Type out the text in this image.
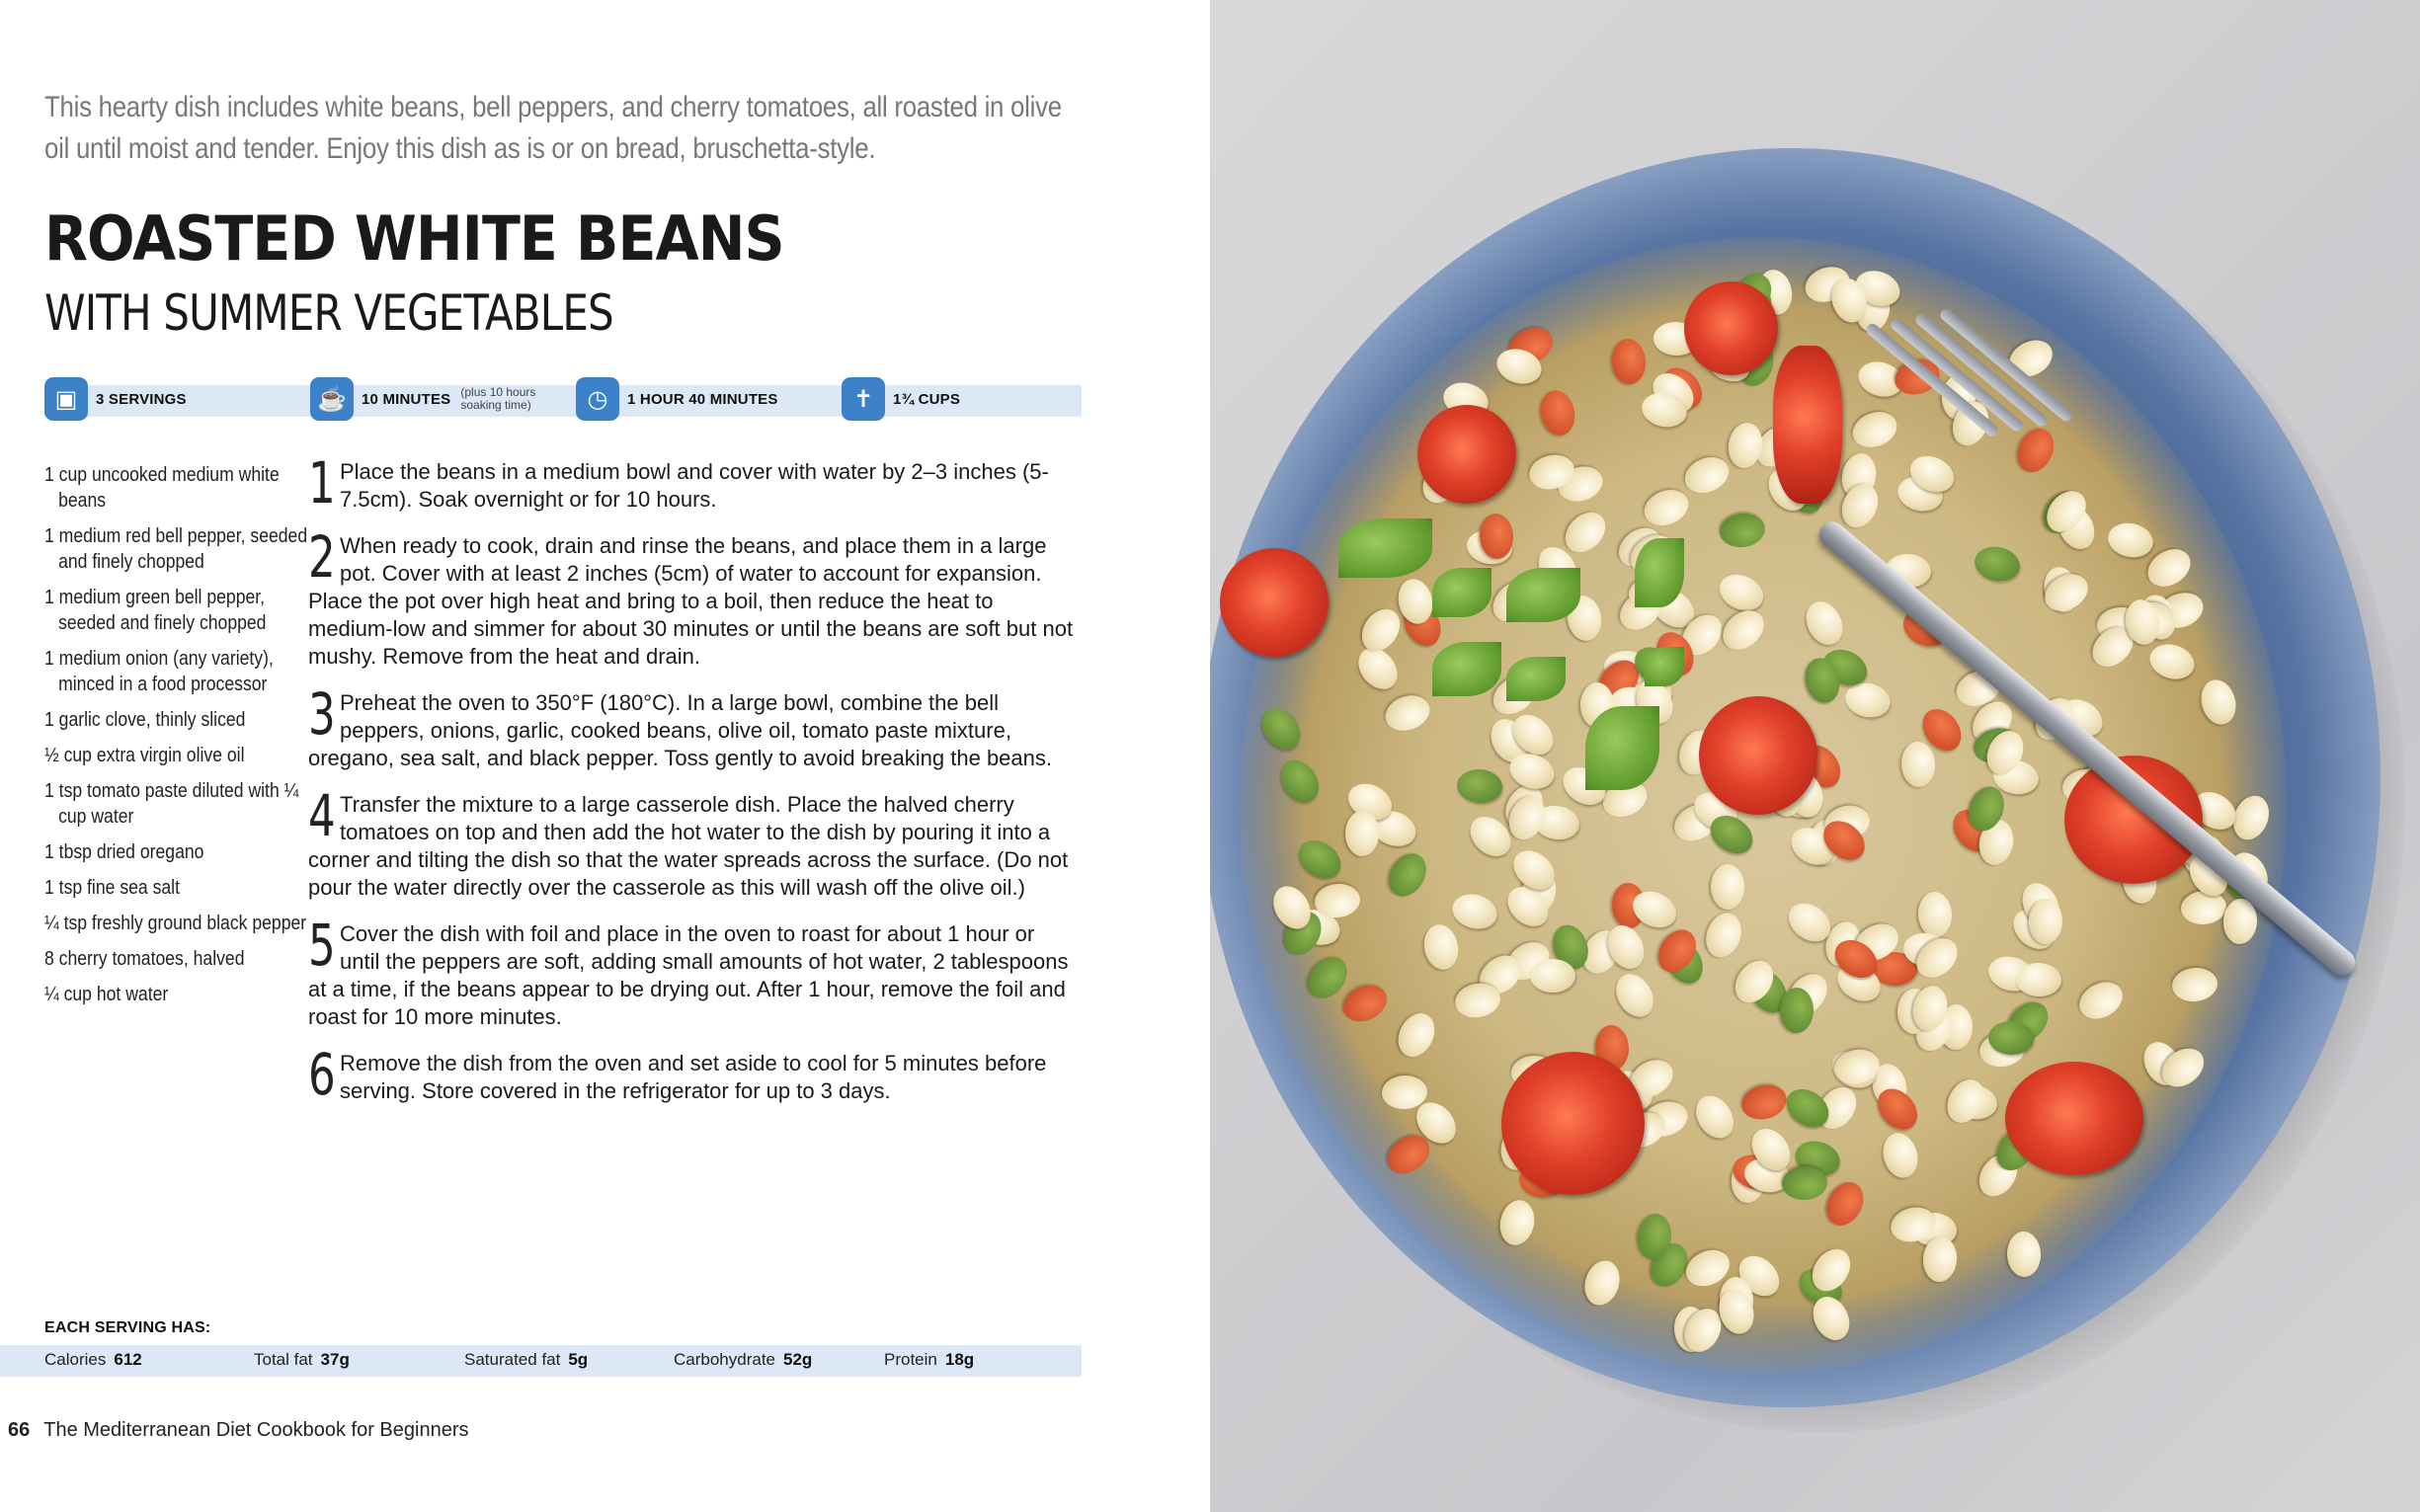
This hearty dish includes white beans, bell peppers, and cherry tomatoes, all roasted in olive oil until moist and tender. Enjoy this dish as is or on bread, bruschetta-style.
ROASTED WHITE BEANS
WITH SUMMER VEGETABLES
▣	3 SERVINGS	☕	10 MINUTES (plus 10 hours soaking time)	◷	1 HOUR 40 MINUTES	✝	1¾ CUPS
1 cup uncooked medium white beans
1 medium red bell pepper, seeded and finely chopped
1 medium green bell pepper, seeded and finely chopped
1 medium onion (any variety), minced in a food processor
1 garlic clove, thinly sliced
½ cup extra virgin olive oil
1 tsp tomato paste diluted with ¼ cup water
1 tbsp dried oregano
1 tsp fine sea salt
¼ tsp freshly ground black pepper
8 cherry tomatoes, halved
¼ cup hot water
1 Place the beans in a medium bowl and cover with water by 2–3 inches (5-7.5cm). Soak overnight or for 10 hours.
2 When ready to cook, drain and rinse the beans, and place them in a large pot. Cover with at least 2 inches (5cm) of water to account for expansion. Place the pot over high heat and bring to a boil, then reduce the heat to medium-low and simmer for about 30 minutes or until the beans are soft but not mushy. Remove from the heat and drain.
3 Preheat the oven to 350°F (180°C). In a large bowl, combine the bell peppers, onions, garlic, cooked beans, olive oil, tomato paste mixture, oregano, sea salt, and black pepper. Toss gently to avoid breaking the beans.
4 Transfer the mixture to a large casserole dish. Place the halved cherry tomatoes on top and then add the hot water to the dish by pouring it into a corner and tilting the dish so that the water spreads across the surface. (Do not pour the water directly over the casserole as this will wash off the olive oil.)
5 Cover the dish with foil and place in the oven to roast for about 1 hour or until the peppers are soft, adding small amounts of hot water, 2 tablespoons at a time, if the beans appear to be drying out. After 1 hour, remove the foil and roast for 10 more minutes.
6 Remove the dish from the oven and set aside to cool for 5 minutes before serving. Store covered in the refrigerator for up to 3 days.
EACH SERVING HAS:
Calories 612	Total fat 37g	Saturated fat 5g	Carbohydrate 52g	Protein 18g
66 The Mediterranean Diet Cookbook for Beginners
